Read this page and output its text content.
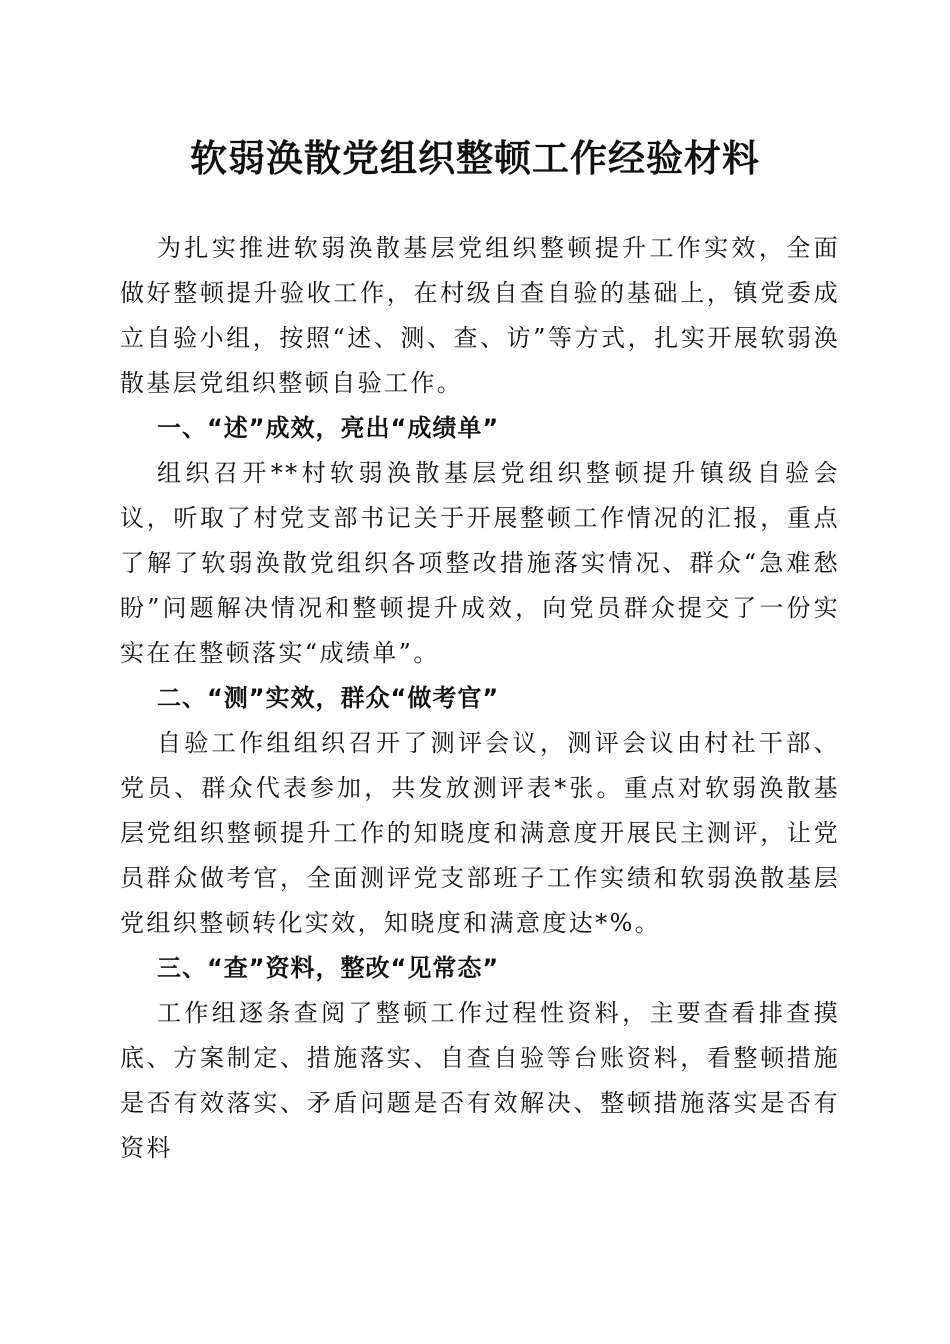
软弱涣散党组织整顿工作经验材料

为扎实推进软弱涣散基层党组织整顿提升工作实效，全面做好整顿提升验收工作，在村级自查自验的基础上，镇党委成立自验小组，按照“述、测、查、访”等方式，扎实开展软弱涣散基层党组织整顿自验工作。

一、“述”成效，亮出“成绩单”

组织召开**村软弱涣散基层党组织整顿提升镇级自验会议，听取了村党支部书记关于开展整顿工作情况的汇报，重点了解了软弱涣散党组织各项整改措施落实情况、群众“急难愁盼”问题解决情况和整顿提升成效，向党员群众提交了一份实实在在整顿落实“成绩单”。

二、“测”实效，群众“做考官”

自验工作组组织召开了测评会议，测评会议由村社干部、党员、群众代表参加，共发放测评表*张。重点对软弱涣散基层党组织整顿提升工作的知晓度和满意度开展民主测评，让党员群众做考官，全面测评党支部班子工作实绩和软弱涣散基层党组织整顿转化实效，知晓度和满意度达*%。

三、“查”资料，整改“见常态”

工作组逐条查阅了整顿工作过程性资料，主要查看排查摸底、方案制定、措施落实、自查自验等台账资料，看整顿措施是否有效落实、矛盾问题是否有效解决、整顿措施落实是否有资料
